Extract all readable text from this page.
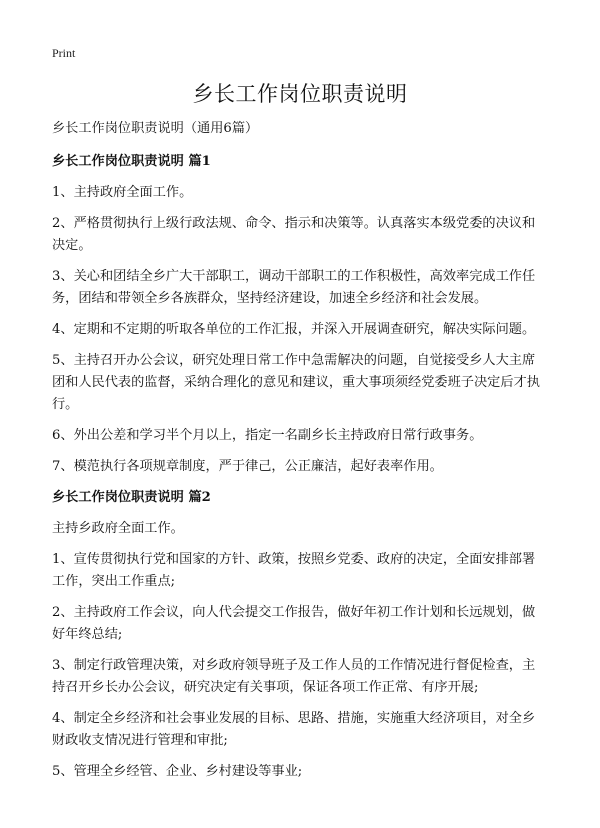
Print
乡长工作岗位职责说明

乡长工作岗位职责说明（通用6篇）

乡长工作岗位职责说明 篇1

1、主持政府全面工作。

2、严格贯彻执行上级行政法规、命令、指示和决策等。认真落实本级党委的决议和决定。

3、关心和团结全乡广大干部职工，调动干部职工的工作积极性，高效率完成工作任务，团结和带领全乡各族群众，坚持经济建设，加速全乡经济和社会发展。

4、定期和不定期的听取各单位的工作汇报，并深入开展调查研究，解决实际问题。

5、主持召开办公会议，研究处理日常工作中急需解决的问题，自觉接受乡人大主席团和人民代表的监督，采纳合理化的意见和建议，重大事项须经党委班子决定后才执行。

6、外出公差和学习半个月以上，指定一名副乡长主持政府日常行政事务。

7、模范执行各项规章制度，严于律己，公正廉洁，起好表率作用。

乡长工作岗位职责说明 篇2

主持乡政府全面工作。

1、宣传贯彻执行党和国家的方针、政策，按照乡党委、政府的决定，全面安排部署工作，突出工作重点;

2、主持政府工作会议，向人代会提交工作报告，做好年初工作计划和长远规划，做好年终总结;

3、制定行政管理决策，对乡政府领导班子及工作人员的工作情况进行督促检查，主持召开乡长办公会议，研究决定有关事项，保证各项工作正常、有序开展;

4、制定全乡经济和社会事业发展的目标、思路、措施，实施重大经济项目，对全乡财政收支情况进行管理和审批;

5、管理全乡经管、企业、乡村建设等事业;
